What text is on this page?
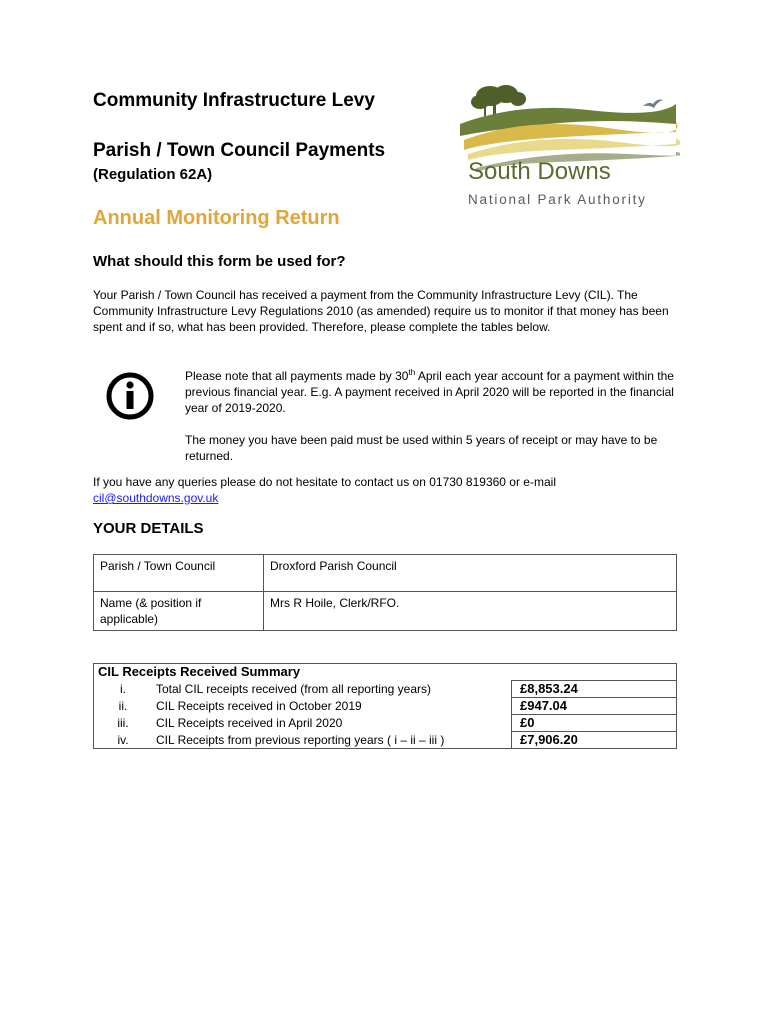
Community Infrastructure Levy
Parish / Town Council Payments
(Regulation 62A)	South Downs
National Park Authority
Annual Monitoring Return
What should this form be used for?
Your Parish / Town Council has received a payment from the Community Infrastructure Levy (CIL). The Community Infrastructure Levy Regulations 2010 (as amended) require us to monitor if that money has been spent and if so, what has been provided. Therefore, please complete the tables below.

Please note that all payments made by 30th April each year account for a payment within the previous financial year. E.g. A payment received in April 2020 will be reported in the financial year of 2019-2020.

The money you have been paid must be used within 5 years of receipt or may have to be returned.

If you have any queries please do not hesitate to contact us on 01730 819360 or e-mail
cil@southdowns.gov.uk
YOUR DETAILS
Parish / Town Council	Droxford Parish Council
Name (& position if applicable)	Mrs R Hoile, Clerk/RFO.
CIL Receipts Received Summary		
i.	Total CIL receipts received (from all reporting years)	£8,853.24
ii.	CIL Receipts received in October 2019	£947.04
iii.	CIL Receipts received in April 2020	£0
iv.	CIL Receipts from previous reporting years ( i – ii – iii )	£7,906.20
